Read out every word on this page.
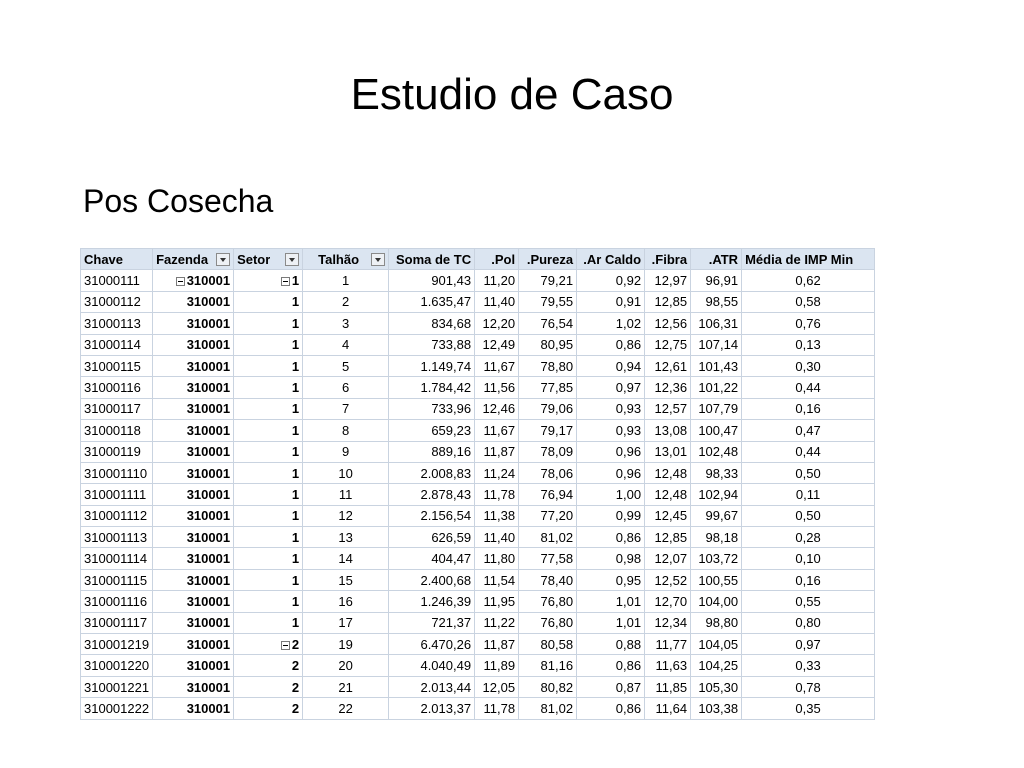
Estudio de Caso
Pos Cosecha
Chave	Fazenda	Setor	Talhão	Soma de TC	.Pol	.Pureza	.Ar Caldo	.Fibra	.ATR	Média de IMP Min
31000111	310001	1	1	901,43	11,20	79,21	0,92	12,97	96,91	0,62
31000112	310001	1	2	1.635,47	11,40	79,55	0,91	12,85	98,55	0,58
31000113	310001	1	3	834,68	12,20	76,54	1,02	12,56	106,31	0,76
31000114	310001	1	4	733,88	12,49	80,95	0,86	12,75	107,14	0,13
31000115	310001	1	5	1.149,74	11,67	78,80	0,94	12,61	101,43	0,30
31000116	310001	1	6	1.784,42	11,56	77,85	0,97	12,36	101,22	0,44
31000117	310001	1	7	733,96	12,46	79,06	0,93	12,57	107,79	0,16
31000118	310001	1	8	659,23	11,67	79,17	0,93	13,08	100,47	0,47
31000119	310001	1	9	889,16	11,87	78,09	0,96	13,01	102,48	0,44
310001110	310001	1	10	2.008,83	11,24	78,06	0,96	12,48	98,33	0,50
310001111	310001	1	11	2.878,43	11,78	76,94	1,00	12,48	102,94	0,11
310001112	310001	1	12	2.156,54	11,38	77,20	0,99	12,45	99,67	0,50
310001113	310001	1	13	626,59	11,40	81,02	0,86	12,85	98,18	0,28
310001114	310001	1	14	404,47	11,80	77,58	0,98	12,07	103,72	0,10
310001115	310001	1	15	2.400,68	11,54	78,40	0,95	12,52	100,55	0,16
310001116	310001	1	16	1.246,39	11,95	76,80	1,01	12,70	104,00	0,55
310001117	310001	1	17	721,37	11,22	76,80	1,01	12,34	98,80	0,80
310001219	310001	2	19	6.470,26	11,87	80,58	0,88	11,77	104,05	0,97
310001220	310001	2	20	4.040,49	11,89	81,16	0,86	11,63	104,25	0,33
310001221	310001	2	21	2.013,44	12,05	80,82	0,87	11,85	105,30	0,78
310001222	310001	2	22	2.013,37	11,78	81,02	0,86	11,64	103,38	0,35
